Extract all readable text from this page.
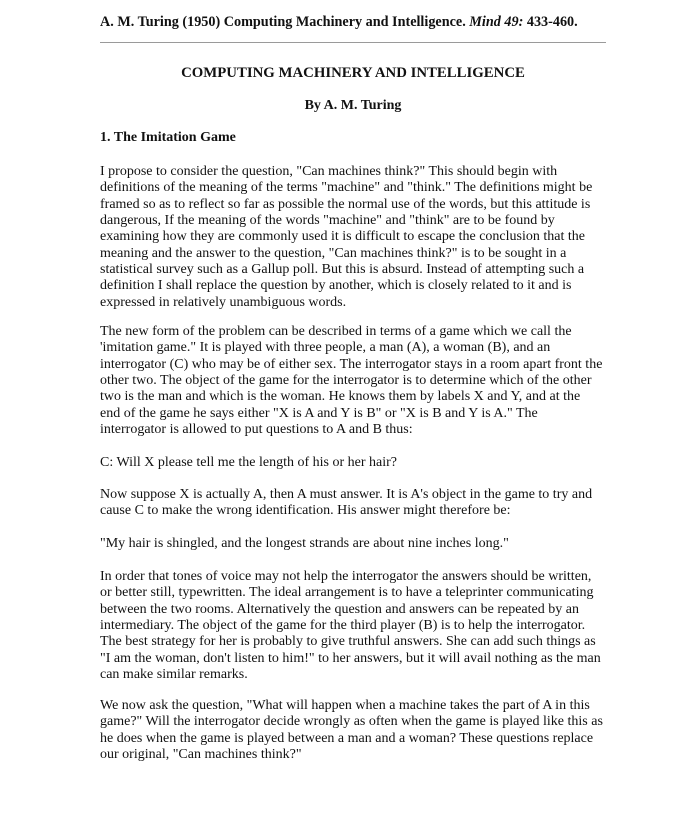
A. M. Turing (1950) Computing Machinery and Intelligence. Mind 49: 433-460.
COMPUTING MACHINERY AND INTELLIGENCE
By A. M. Turing
1. The Imitation Game

I propose to consider the question, "Can machines think?" This should begin with
definitions of the meaning of the terms "machine" and "think." The definitions might be
framed so as to reflect so far as possible the normal use of the words, but this attitude is
dangerous, If the meaning of the words "machine" and "think" are to be found by
examining how they are commonly used it is difficult to escape the conclusion that the
meaning and the answer to the question, "Can machines think?" is to be sought in a
statistical survey such as a Gallup poll. But this is absurd. Instead of attempting such a
definition I shall replace the question by another, which is closely related to it and is
expressed in relatively unambiguous words.

The new form of the problem can be described in terms of a game which we call the
'imitation game." It is played with three people, a man (A), a woman (B), and an
interrogator (C) who may be of either sex. The interrogator stays in a room apart front the
other two. The object of the game for the interrogator is to determine which of the other
two is the man and which is the woman. He knows them by labels X and Y, and at the
end of the game he says either "X is A and Y is B" or "X is B and Y is A." The
interrogator is allowed to put questions to A and B thus:

C: Will X please tell me the length of his or her hair?

Now suppose X is actually A, then A must answer. It is A's object in the game to try and
cause C to make the wrong identification. His answer might therefore be:

"My hair is shingled, and the longest strands are about nine inches long."

In order that tones of voice may not help the interrogator the answers should be written,
or better still, typewritten. The ideal arrangement is to have a teleprinter communicating
between the two rooms. Alternatively the question and answers can be repeated by an
intermediary. The object of the game for the third player (B) is to help the interrogator.
The best strategy for her is probably to give truthful answers. She can add such things as
"I am the woman, don't listen to him!" to her answers, but it will avail nothing as the man
can make similar remarks.

We now ask the question, "What will happen when a machine takes the part of A in this
game?" Will the interrogator decide wrongly as often when the game is played like this as
he does when the game is played between a man and a woman? These questions replace
our original, "Can machines think?"
